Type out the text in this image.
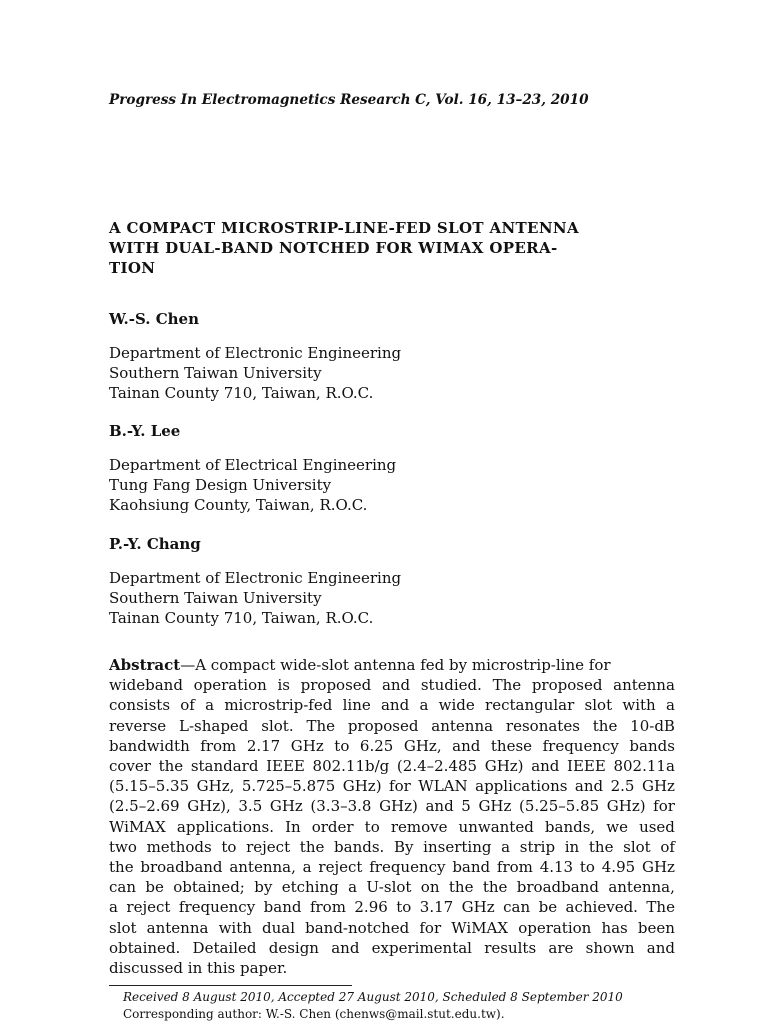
Progress In Electromagnetics Research C, Vol. 16, 13–23, 2010
A COMPACT MICROSTRIP-LINE-FED SLOT ANTENNA
WITH DUAL-BAND NOTCHED FOR WIMAX OPERA-
TION
W.-S. Chen
Department of Electronic Engineering
Southern Taiwan University
Tainan County 710, Taiwan, R.O.C.
B.-Y. Lee
Department of Electrical Engineering
Tung Fang Design University
Kaohsiung County, Taiwan, R.O.C.
P.-Y. Chang
Department of Electronic Engineering
Southern Taiwan University
Tainan County 710, Taiwan, R.O.C.
Abstract—A compact wide-slot antenna fed by microstrip-line for
wideband operation is proposed and studied. The proposed antenna
consists of a microstrip-fed line and a wide rectangular slot with a
reverse L-shaped slot. The proposed antenna resonates the 10-dB
bandwidth from 2.17 GHz to 6.25 GHz, and these frequency bands
cover the standard IEEE 802.11b/g (2.4–2.485 GHz) and IEEE 802.11a
(5.15–5.35 GHz, 5.725–5.875 GHz) for WLAN applications and 2.5 GHz
(2.5–2.69 GHz), 3.5 GHz (3.3–3.8 GHz) and 5 GHz (5.25–5.85 GHz) for
WiMAX applications. In order to remove unwanted bands, we used
two methods to reject the bands. By inserting a strip in the slot of
the broadband antenna, a reject frequency band from 4.13 to 4.95 GHz
can be obtained; by etching a U-slot on the the broadband antenna,
a reject frequency band from 2.96 to 3.17 GHz can be achieved. The
slot antenna with dual band-notched for WiMAX operation has been
obtained. Detailed design and experimental results are shown and
discussed in this paper.
Received 8 August 2010, Accepted 27 August 2010, Scheduled 8 September 2010
Corresponding author: W.-S. Chen (chenws@mail.stut.edu.tw).
